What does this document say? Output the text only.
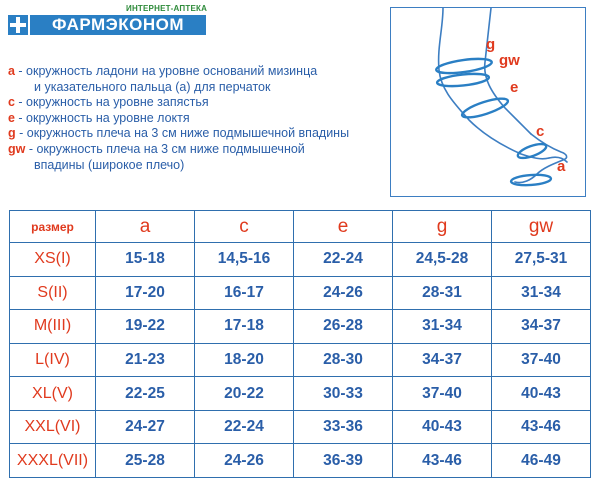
ИНТЕРНЕТ-АПТЕКА
ФАРМЭКОНОМ
a - окружность ладони на уровне оснований мизинца
и указательного пальца (a) для перчаток
c - окружность на уровне запястья
e - окружность на уровне локтя
g - окружность плеча на 3 см ниже подмышечной впадины
gw - окружность плеча на 3 см ниже подмышечной
впадины (широкое плечо)
g
gw
e
c
a
размер	a	c	e	g	gw
XS(I)	15-18	14,5-16	22-24	24,5-28	27,5-31
S(II)	17-20	16-17	24-26	28-31	31-34
M(III)	19-22	17-18	26-28	31-34	34-37
L(IV)	21-23	18-20	28-30	34-37	37-40
XL(V)	22-25	20-22	30-33	37-40	40-43
XXL(VI)	24-27	22-24	33-36	40-43	43-46
XXXL(VII)	25-28	24-26	36-39	43-46	46-49
